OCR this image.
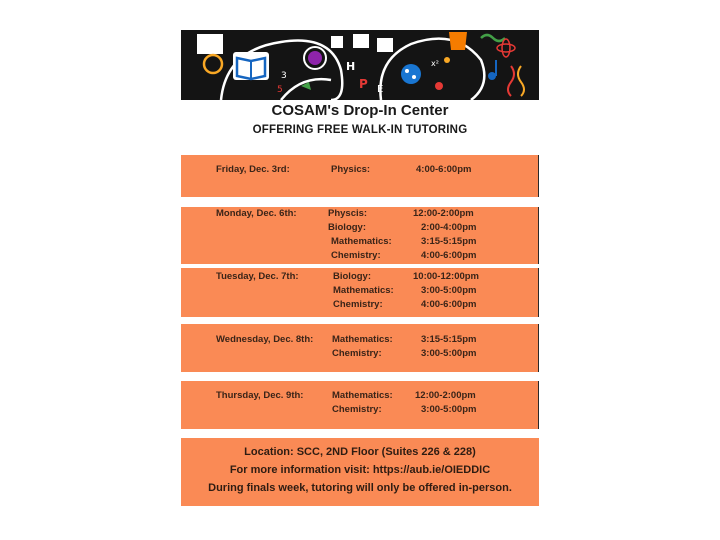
3
5
H
P E
x²
COSAM's Drop-In Center
OFFERING FREE WALK-IN TUTORING
Friday, Dec. 3rd:	Physics:	4:00-6:00pm
Monday, Dec. 6th:	Physcis:	12:00-2:00pm
Biology:	2:00-4:00pm
Mathematics:	3:15-5:15pm
Chemistry:	4:00-6:00pm
Tuesday, Dec. 7th:	Biology:	10:00-12:00pm
Mathematics:	3:00-5:00pm
Chemistry:	4:00-6:00pm
Wednesday, Dec. 8th: Mathematics:	3:15-5:15pm
Chemistry:	3:00-5:00pm
Thursday, Dec. 9th:	Mathematics: 12:00-2:00pm
Chemistry:	3:00-5:00pm
Location: SCC, 2ND Floor (Suites 226 & 228)
For more information visit: https://aub.ie/OIEDDIC
During finals week, tutoring will only be offered in-person.
